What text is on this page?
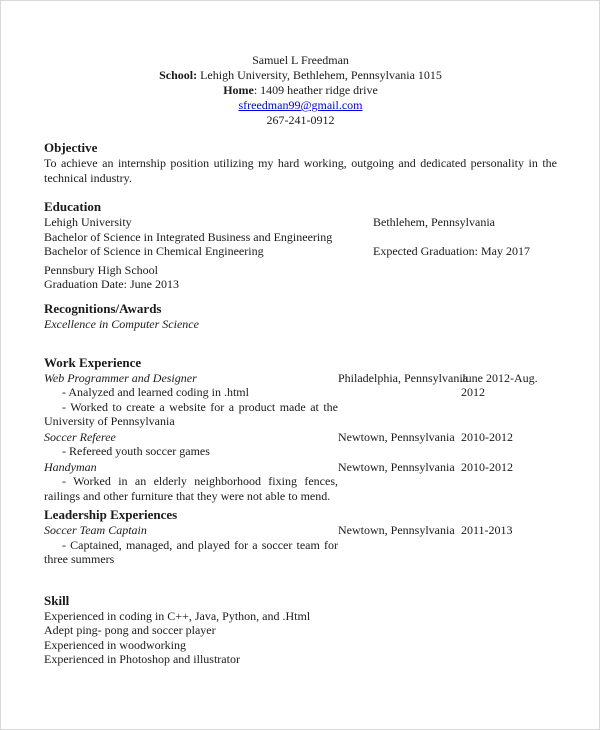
Samuel L Freedman
School: Lehigh University, Bethlehem, Pennsylvania 1015
Home: 1409 heather ridge drive
sfreedman99@gmail.com
267-241-0912
Objective

To achieve an internship position utilizing my hard working, outgoing and dedicated personality in the technical industry.

Education
Lehigh University	Bethlehem, Pennsylvania
Bachelor of Science in Integrated Business and Engineering
Bachelor of Science in Chemical Engineering	Expected Graduation: May 2017
Pennsbury High School
Graduation Date: June 2013
Recognitions/Awards
Excellence in Computer Science
Work Experience
Web Programmer and Designer

- Analyzed and learned coding in .html

- Worked to create a website for a product made at the University of Pennsylvania

Philadelphia, Pennsylvania
June 2012-Aug. 2012
Soccer Referee

- Refereed youth soccer games

Newtown, Pennsylvania 2010-2012
Handyman

- Worked in an elderly neighborhood fixing fences, railings and other furniture that they were not able to mend.

Newtown, Pennsylvania 2010-2012
Leadership Experiences
Soccer Team Captain

- Captained, managed, and played for a soccer team for three summers

Newtown, Pennsylvania 2011-2013
Skill
Experienced in coding in C++, Java, Python, and .Html
Adept ping- pong and soccer player
Experienced in woodworking
Experienced in Photoshop and illustrator
